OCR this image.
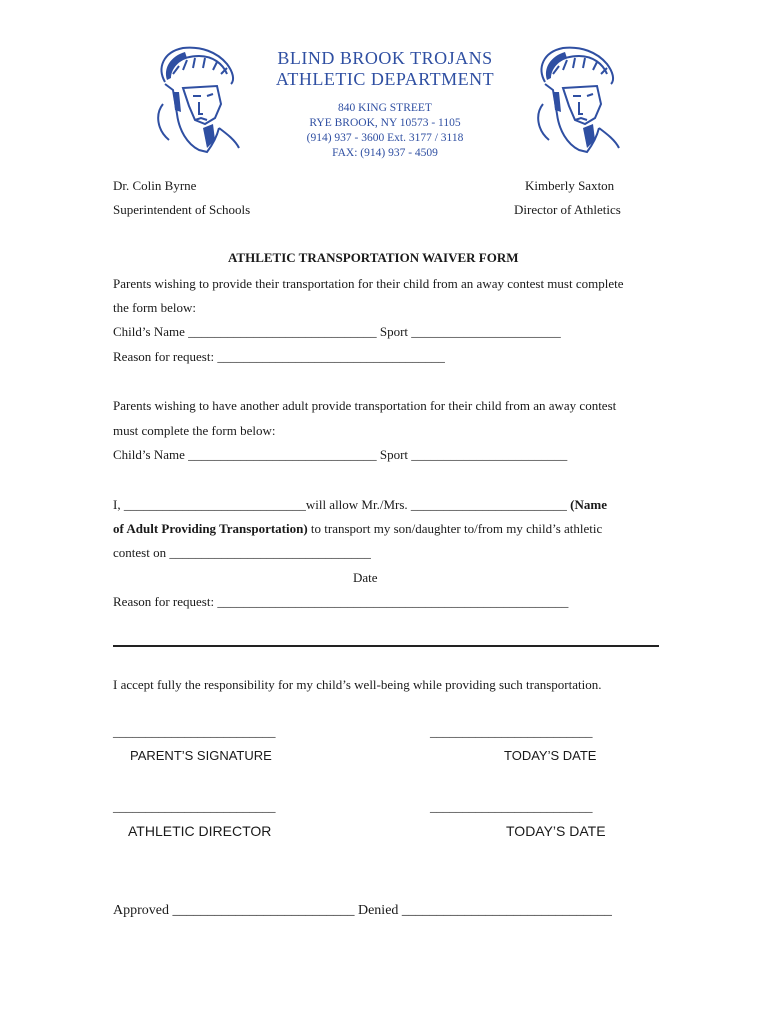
BLIND BROOK TROJANS
ATHLETIC DEPARTMENT
840 KING STREET
RYE BROOK, NY 10573 - 1105
(914) 937 - 3600 Ext. 3177 / 3118
FAX: (914) 937 - 4509
Dr. Colin Byrne
Superintendent of Schools
Kimberly Saxton
Director of Athletics
ATHLETIC TRANSPORTATION WAIVER FORM
Parents wishing to provide their transportation for their child from an away contest must complete
the form below:
Child’s Name _____________________________ Sport _______________________
Reason for request: ___________________________________
Parents wishing to have another adult provide transportation for their child from an away contest
must complete the form below:
Child’s Name _____________________________ Sport ________________________
I, ____________________________will allow Mr./Mrs. ________________________ (Name
of Adult Providing Transportation) to transport my son/daughter to/from my child’s athletic
contest on _______________________________
Date
Reason for request: ______________________________________________________
I accept fully the responsibility for my child’s well-being while providing such transportation.
_________________________	_________________________
PARENT’S SIGNATURE	TODAY’S DATE
_________________________	_________________________
ATHLETIC DIRECTOR	TODAY’S DATE
Approved __________________________ Denied ______________________________
